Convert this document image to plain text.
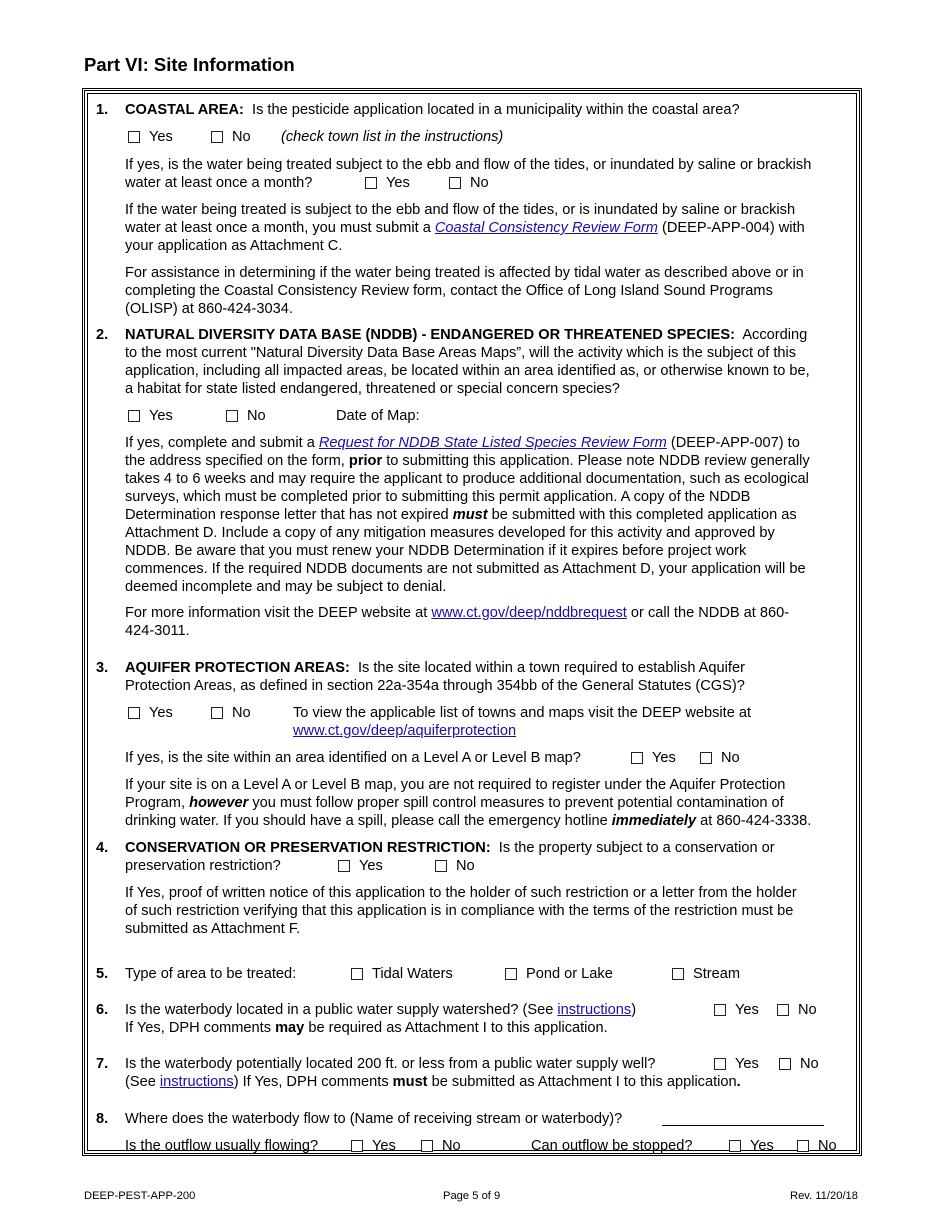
Part VI: Site Information
1. COASTAL AREA: Is the pesticide application located in a municipality within the coastal area?
Yes	No (check town list in the instructions)
If yes, is the water being treated subject to the ebb and flow of the tides, or inundated by saline or brackish
water at least once a month?	Yes	No
If the water being treated is subject to the ebb and flow of the tides, or is inundated by saline or brackish
water at least once a month, you must submit a Coastal Consistency Review Form (DEEP-APP-004) with
your application as Attachment C.
For assistance in determining if the water being treated is affected by tidal water as described above or in
completing the Coastal Consistency Review form, contact the Office of Long Island Sound Programs
(OLISP) at 860-424-3034.
2. NATURAL DIVERSITY DATA BASE (NDDB) - ENDANGERED OR THREATENED SPECIES: According
to the most current "Natural Diversity Data Base Areas Maps”, will the activity which is the subject of this
application, including all impacted areas, be located within an area identified as, or otherwise known to be,
a habitat for state listed endangered, threatened or special concern species?
Yes	No	Date of Map:
If yes, complete and submit a Request for NDDB State Listed Species Review Form (DEEP-APP-007) to
the address specified on the form, prior to submitting this application. Please note NDDB review generally
takes 4 to 6 weeks and may require the applicant to produce additional documentation, such as ecological
surveys, which must be completed prior to submitting this permit application. A copy of the NDDB
Determination response letter that has not expired must be submitted with this completed application as
Attachment D. Include a copy of any mitigation measures developed for this activity and approved by
NDDB. Be aware that you must renew your NDDB Determination if it expires before project work
commences. If the required NDDB documents are not submitted as Attachment D, your application will be
deemed incomplete and may be subject to denial.
For more information visit the DEEP website at www.ct.gov/deep/nddbrequest or call the NDDB at 860-
424-3011.
3. AQUIFER PROTECTION AREAS: Is the site located within a town required to establish Aquifer
Protection Areas, as defined in section 22a-354a through 354bb of the General Statutes (CGS)?
Yes	No	To view the applicable list of towns and maps visit the DEEP website at
www.ct.gov/deep/aquiferprotection
If yes, is the site within an area identified on a Level A or Level B map?	Yes	No
If your site is on a Level A or Level B map, you are not required to register under the Aquifer Protection
Program, however you must follow proper spill control measures to prevent potential contamination of
drinking water. If you should have a spill, please call the emergency hotline immediately at 860-424-3338.
4. CONSERVATION OR PRESERVATION RESTRICTION: Is the property subject to a conservation or
preservation restriction?	Yes	No
If Yes, proof of written notice of this application to the holder of such restriction or a letter from the holder
of such restriction verifying that this application is in compliance with the terms of the restriction must be
submitted as Attachment F.
5. Type of area to be treated:	Tidal Waters	Pond or Lake	Stream
6. Is the waterbody located in a public water supply watershed? (See instructions)	Yes	No
If Yes, DPH comments may be required as Attachment I to this application.
7. Is the waterbody potentially located 200 ft. or less from a public water supply well?	Yes	No
(See instructions) If Yes, DPH comments must be submitted as Attachment I to this application.
8. Where does the waterbody flow to (Name of receiving stream or waterbody)?
Is the outflow usually flowing?	Yes	No	Can outflow be stopped?	Yes	No
DEEP-PEST-APP-200	Page 5 of 9	Rev. 11/20/18
